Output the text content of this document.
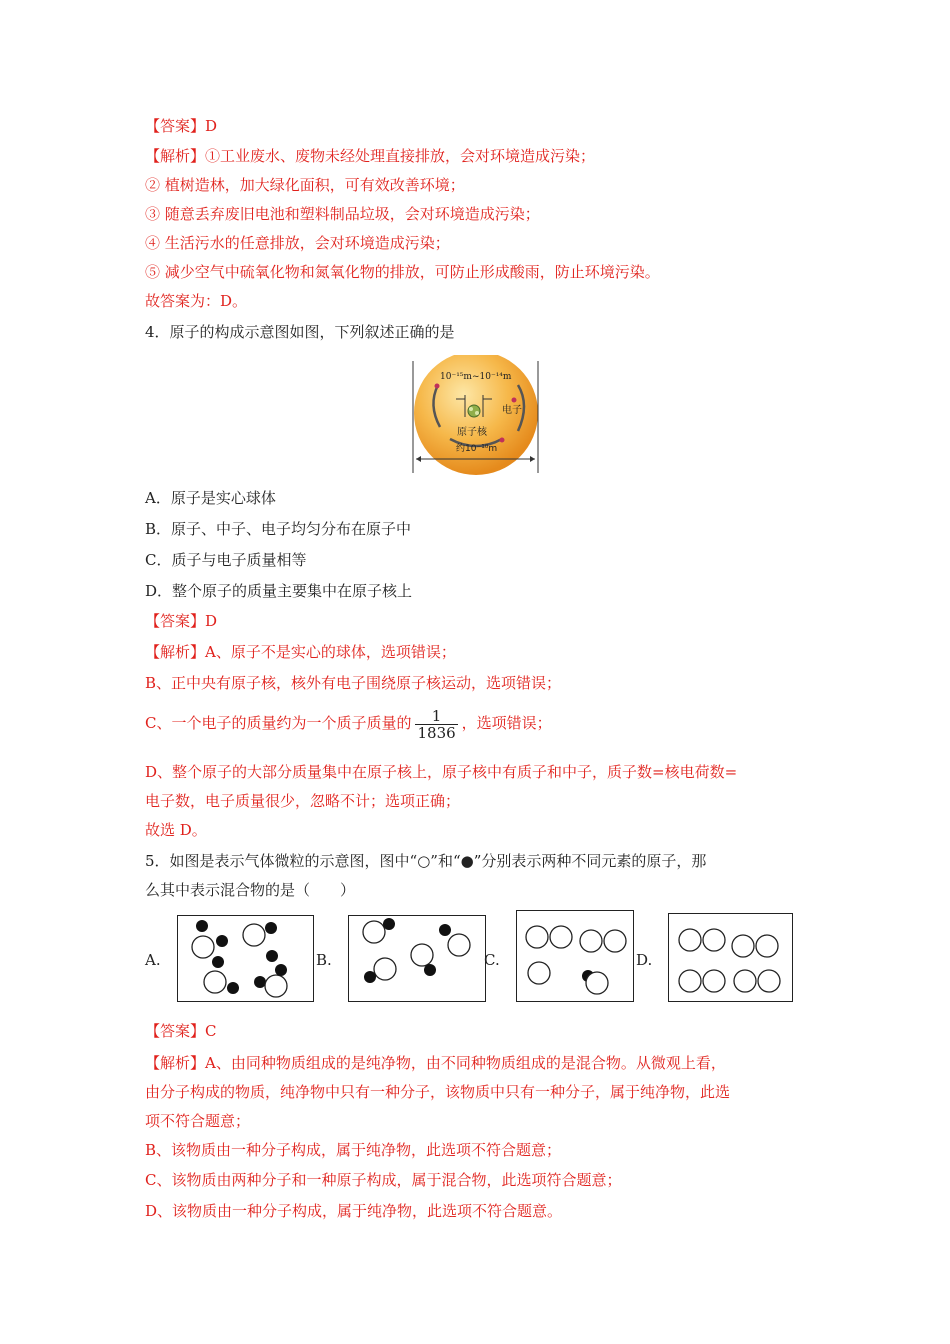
【答案】D
【解析】①工业废水、废物未经处理直接排放，会对环境造成污染；
② 植树造林，加大绿化面积，可有效改善环境；
③ 随意丢弃废旧电池和塑料制品垃圾，会对环境造成污染；
④ 生活污水的任意排放，会对环境造成污染；
⑤ 减少空气中硫氧化物和氮氧化物的排放，可防止形成酸雨，防止环境污染。
故答案为：D。
4．原子的构成示意图如图，下列叙述正确的是
10⁻¹⁵m~10⁻¹⁴m
电子
原子核
约10⁻¹⁰m
A．原子是实心球体
B．原子、中子、电子均匀分布在原子中
C．质子与电子质量相等
D．整个原子的质量主要集中在原子核上
【答案】D
【解析】A、原子不是实心的球体，选项错误；
B、正中央有原子核，核外有电子围绕原子核运动，选项错误；
C、一个电子的质量约为一个质子质量的 $\frac{1}{1836}$ ，选项错误；
D、整个原子的大部分质量集中在原子核上，原子核中有质子和中子，质子数=核电荷数=
电子数，电子质量很少，忽略不计；选项正确；
故选 D。
5．如图是表示气体微粒的示意图，图中“○”和“●”分别表示两种不同元素的原子，那
么其中表示混合物的是（　　）
A.	B.	C.	D.
【答案】C
【解析】A、由同种物质组成的是纯净物，由不同种物质组成的是混合物。从微观上看，
由分子构成的物质，纯净物中只有一种分子，该物质中只有一种分子，属于纯净物，此选
项不符合题意；
B、该物质由一种分子构成，属于纯净物，此选项不符合题意；
C、该物质由两种分子和一种原子构成，属于混合物，此选项符合题意；
D、该物质由一种分子构成，属于纯净物，此选项不符合题意。
